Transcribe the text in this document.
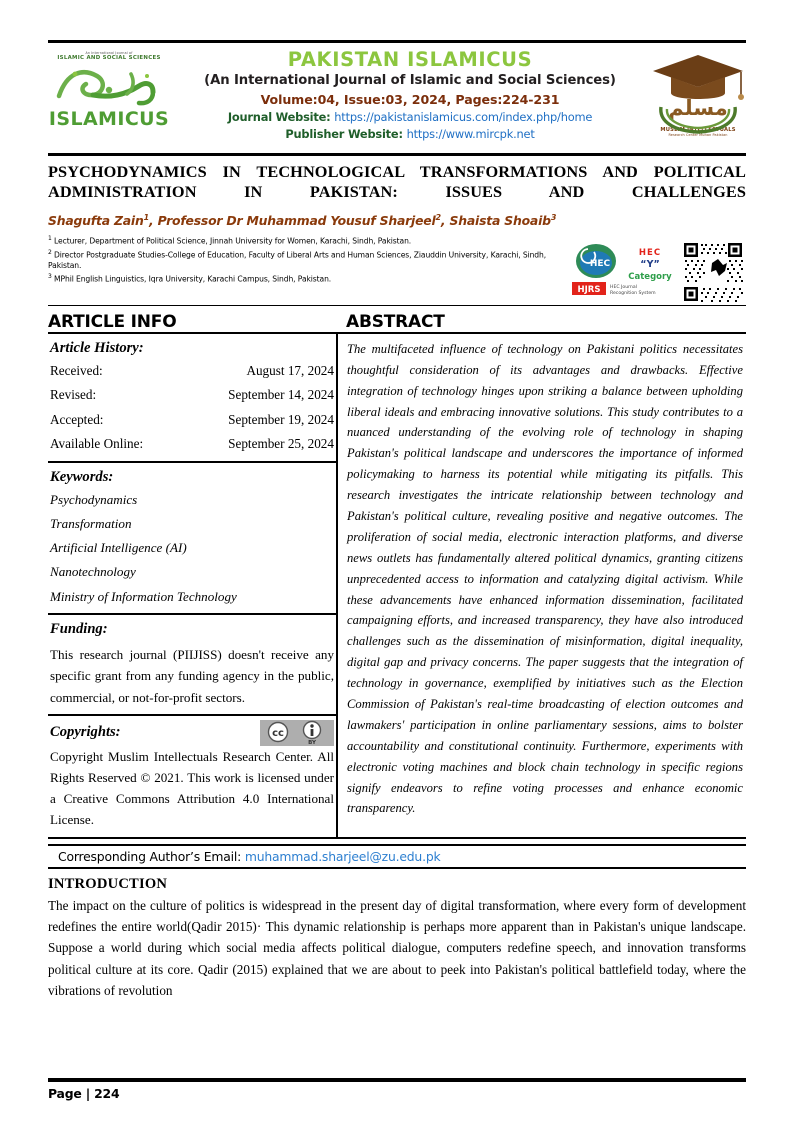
An International Journal of
ISLAMIC AND SOCIAL SCIENCES
ISLAMICUS
PAKISTAN ISLAMICUS
(An International Journal of Islamic and Social Sciences)
Volume:04, Issue:03, 2024, Pages:224-231
Journal Website: https://pakistanislamicus.com/index.php/home
Publisher Website: https://www.mircpk.net
مسلم
MUSLIM INTELLECTUALS
Research Center Multan Pakistan
PSYCHODYNAMICS IN TECHNOLOGICAL TRANSFORMATIONS AND POLITICAL ADMINISTRATION IN PAKISTAN: ISSUES AND CHALLENGES
Shagufta Zain$^1$, Professor Dr Muhammad Yousuf Sharjeel$^2$, Shaista Shoaib$^3$
$^1$ Lecturer, Department of Political Science, Jinnah University for Women, Karachi, Sindh, Pakistan.
$^2$ Director Postgraduate Studies-College of Education, Faculty of Liberal Arts and Human Sciences, Ziauddin University, Karachi, Sindh, Pakistan.
$^3$ MPhil English Linguistics, Iqra University, Karachi Campus, Sindh, Pakistan.
HEC
HEC
“Y”
Category
HJRS HEC Journal
Recognition System
ARTICLE INFO	ABSTRACT
Article History:
Received:	August 17, 2024
Revised:	September 14, 2024
Accepted:	September 19, 2024
Available Online:	September 25, 2024
Keywords:
Psychodynamics
Transformation
Artificial Intelligence (AI)
Nanotechnology
Ministry of Information Technology
Funding:

This research journal (PIIJISS) doesn't receive any specific grant from any funding agency in the public, commercial, or not-for-profit sectors.

Copyrights:	cc
BY

Copyright Muslim Intellectuals Research Center. All Rights Reserved © 2021. This work is licensed under a Creative Commons Attribution 4.0 International License.

The multifaceted influence of technology on Pakistani politics necessitates thoughtful consideration of its advantages and drawbacks. Effective integration of technology hinges upon striking a balance between upholding liberal ideals and embracing innovative solutions. This study contributes to a nuanced understanding of the evolving role of technology in shaping Pakistan's political landscape and underscores the importance of informed policymaking to harness its potential while mitigating its pitfalls. This research investigates the intricate relationship between technology and Pakistan's political culture, revealing positive and negative outcomes. The proliferation of social media, electronic interaction platforms, and diverse news outlets has fundamentally altered political dynamics, granting citizens unprecedented access to information and catalyzing digital activism. While these advancements have enhanced information dissemination, facilitated campaigning efforts, and increased transparency, they have also introduced challenges such as the dissemination of misinformation, digital inequality, digital gap and privacy concerns. The paper suggests that the integration of technology in governance, exemplified by initiatives such as the Election Commission of Pakistan's real-time broadcasting of election outcomes and lawmakers' participation in online parliamentary sessions, aims to bolster accountability and constitutional continuity. Furthermore, experiments with electronic voting machines and block chain technology in specific regions signify endeavors to refine voting processes and enhance economic transparency.

Corresponding Author’s Email: muhammad.sharjeel@zu.edu.pk
INTRODUCTION

The impact on the culture of politics is widespread in the present day of digital transformation, where every form of development redefines the entire world(Qadir 2015)· This dynamic relationship is perhaps more apparent than in Pakistan's unique landscape. Suppose a world during which social media affects political dialogue, computers redefine speech, and innovation transforms political culture at its core. Qadir (2015) explained that we are about to peek into Pakistan's political battlefield today, where the vibrations of revolution

Page | 224
